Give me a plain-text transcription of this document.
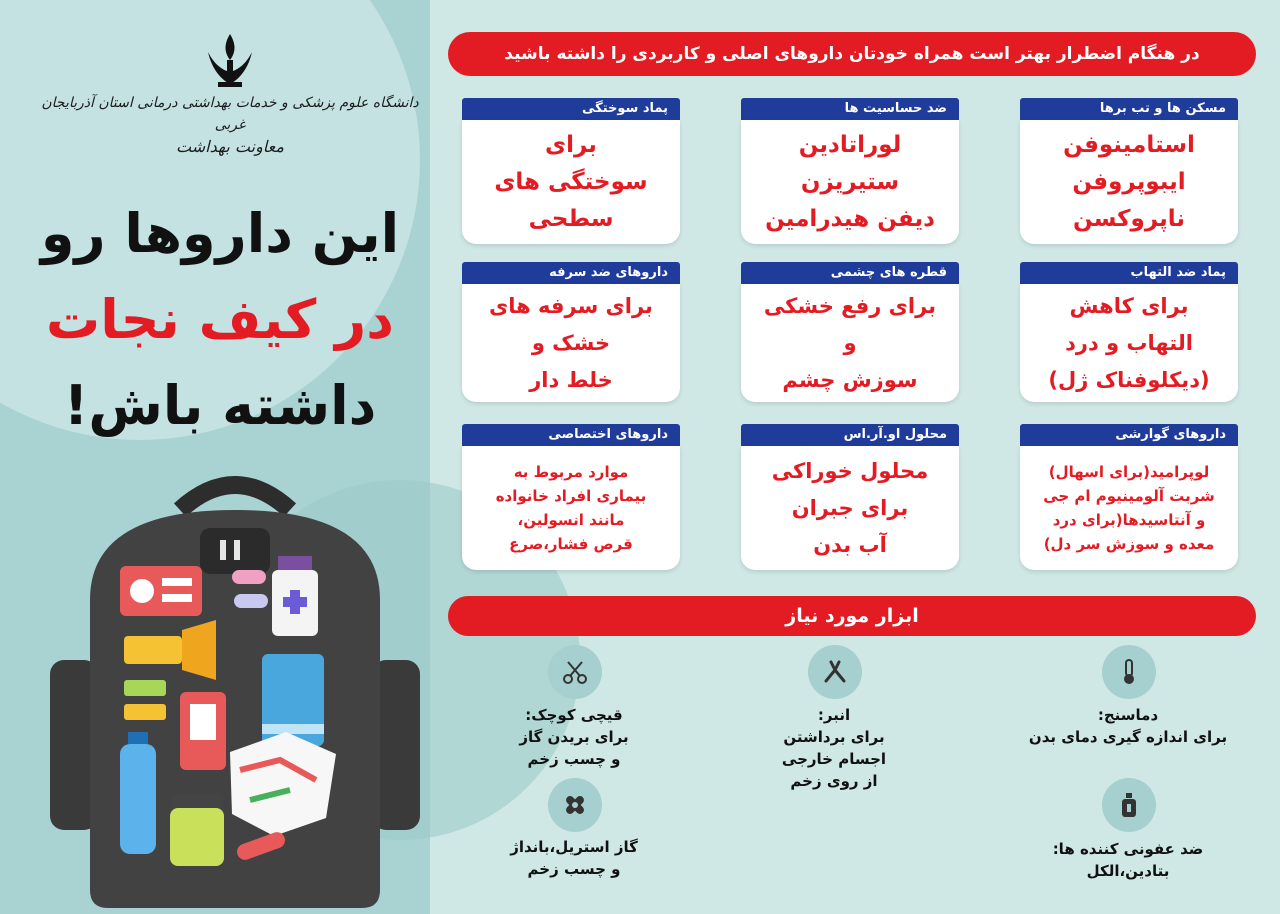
دانشگاه علوم پزشکی و خدمات بهداشتی درمانی استان آذربایجان غربی
معاونت بهداشت
این داروها رو
در کیف نجات
داشته باش!
در هنگام اضطرار بهتر است همراه خودتان داروهای اصلی و کاربردی را داشته باشید
مسکن ها و تب برها
استامینوفن
ایبوپروفن
ناپروکسن
ضد حساسیت ها
لوراتادین
ستیریزن
دیفن هیدرامین
پماد سوختگی
برای
سوختگی های
سطحی
پماد ضد التهاب
برای کاهش
التهاب و درد
(دیکلوفناک ژل)
قطره های چشمی
برای رفع خشکی
و
سوزش چشم
داروهای ضد سرفه
برای سرفه های
خشک و
خلط دار
داروهای گوارشی
لوپرامید(برای اسهال)
شربت آلومینیوم ام جی
و آنتاسیدها(برای درد
معده و سوزش سر دل)
محلول او.آر.اس
محلول خوراکی
برای جبران
آب بدن
داروهای اختصاصی
موارد مربوط به
بیماری افراد خانواده
مانند انسولین،
قرص فشار،صرع
ابزار مورد نیاز
دماسنج:
برای اندازه گیری دمای بدن
انبر:
برای برداشتن
اجسام خارجی
از روی زخم
قیچی کوچک:
برای بریدن گاز
و چسب زخم
ضد عفونی کننده ها:
بتادین،الکل
گاز استریل،بانداژ
و چسب زخم
